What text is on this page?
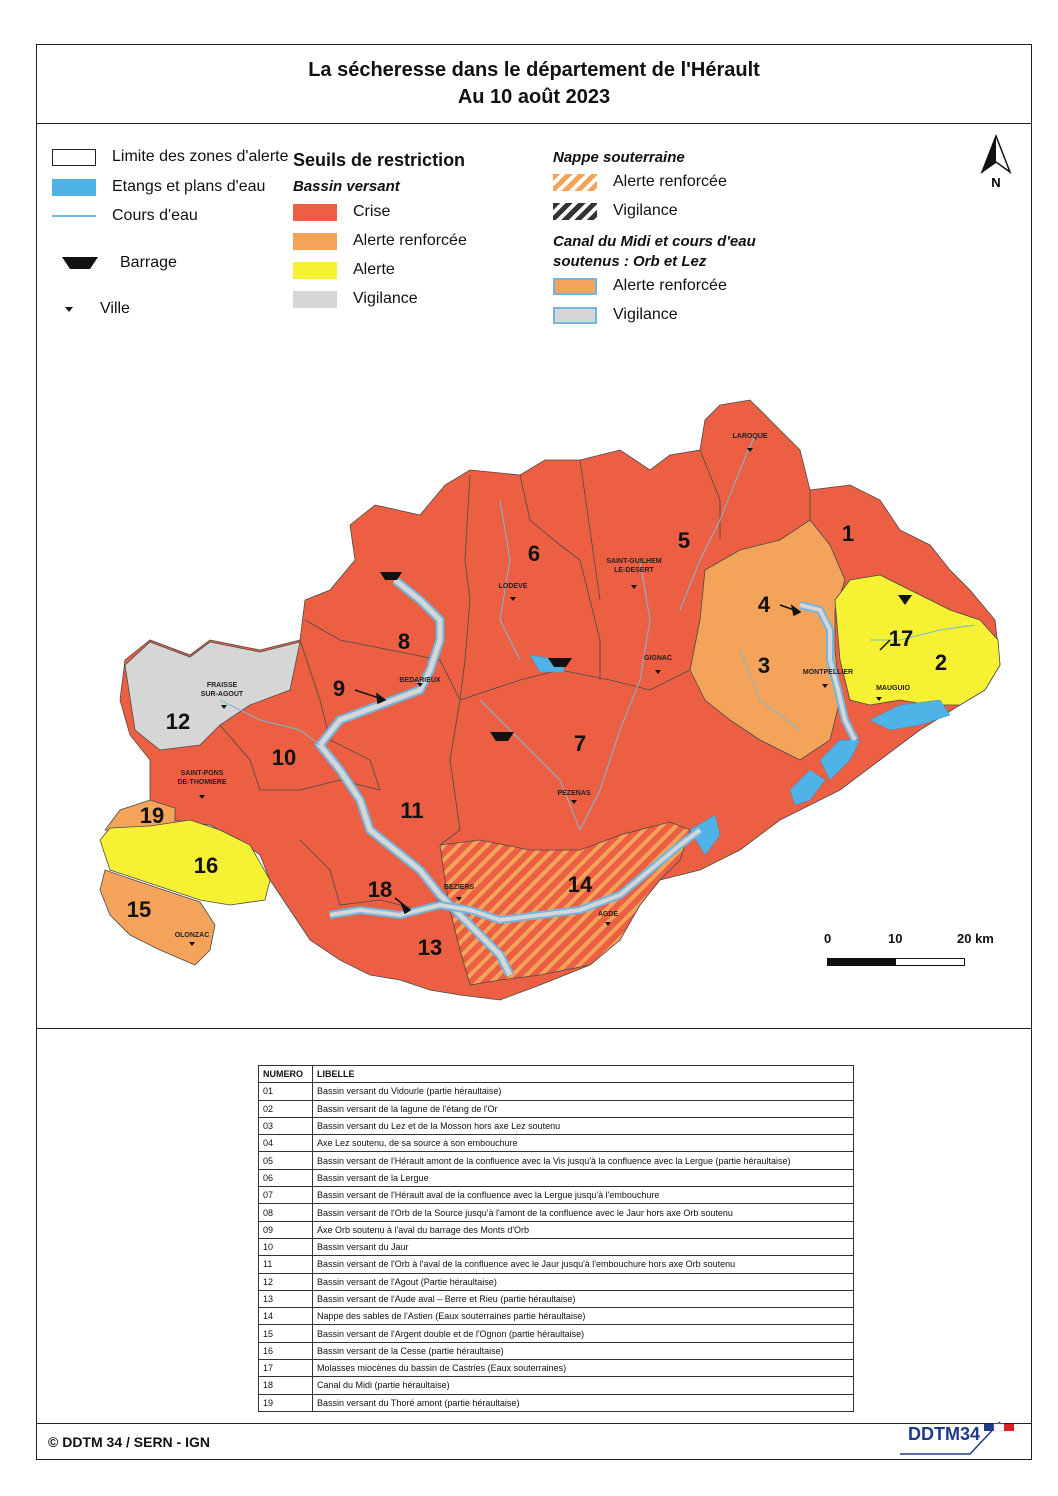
La sécheresse dans le département de l'Hérault
Au 10 août 2023
Limite des zones d'alerte
Etangs et plans d'eau
Cours d'eau
Barrage
Ville
Seuils de restriction
Bassin versant
Crise
Alerte renforcée
Alerte
Vigilance
Nappe souterraine
Alerte renforcée
Vigilance
Canal du Midi et cours d'eau
soutenus : Orb et Lez
Alerte renforcée
Vigilance
N
1
2
3
4
5
6
7
8
9
10
11
12
13
14
15
16
17
18
19
LAROQUE
SAINT-GUILHEM
LE-DESERT
LODEVE
GIGNAC
MONTPELLIER
MAUGUIO
FRAISSE
SUR-AGOUT
BEDARIEUX
SAINT-PONS
DE-THOMIERE
PEZENAS
BEZIERS
AGDE
OLONZAC	0	10	20 km
NUMERO	LIBELLE
01	Bassin versant du Vidourle (partie héraultaise)
02	Bassin versant de la lagune de l'étang de l'Or
03	Bassin versant du Lez et de la Mosson hors axe Lez soutenu
04	Axe Lez soutenu, de sa source à son embouchure
05	Bassin versant de l'Hérault amont de la confluence avec la Vis jusqu'à la confluence avec la Lergue (partie héraultaise)
06	Bassin versant de la Lergue
07	Bassin versant de l'Hérault aval de la confluence avec la Lergue jusqu'à l'embouchure
08	Bassin versant de l'Orb de la Source jusqu'à l'amont de la confluence avec le Jaur hors axe Orb soutenu
09	Axe Orb soutenu à l'aval du barrage des Monts d'Orb
10	Bassin versant du Jaur
11	Bassin versant de l'Orb à l'aval de la confluence avec le Jaur jusqu'à l'embouchure hors axe Orb soutenu
12	Bassin versant de l'Agout (Partie héraultaise)
13	Bassin versant de l'Aude aval – Berre et Rieu (partie héraultaise)
14	Nappe des sables de l'Astien (Eaux souterraines partie héraultaise)
15	Bassin versant de l'Argent double et de l'Ognon (partie héraultaise)
16	Bassin versant de la Cesse (partie héraultaise)
17	Molasses miocènes du bassin de Castries (Eaux souterraines)
18	Canal du Midi (partie héraultaise)
19	Bassin versant du Thoré amont (partie héraultaise)
© DDTM 34 / SERN - IGN	DDTM34
